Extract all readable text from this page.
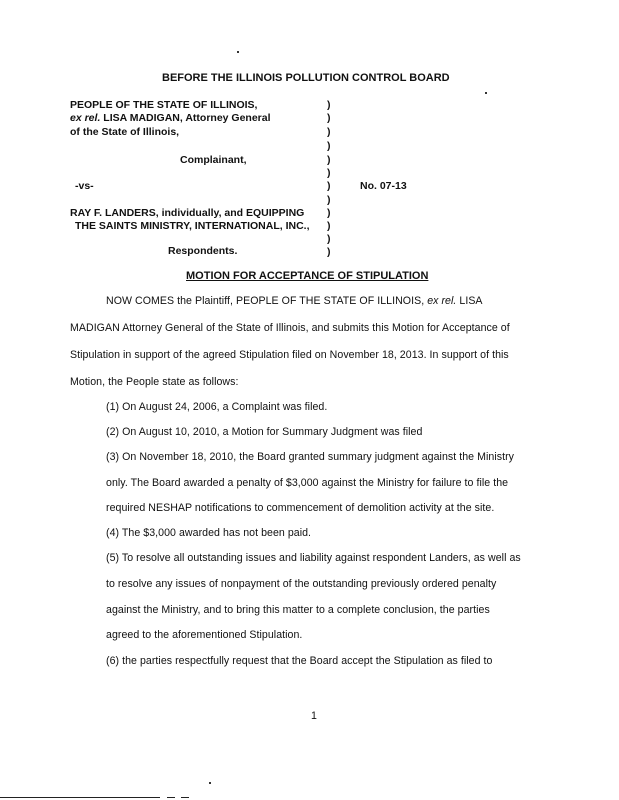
BEFORE THE ILLINOIS POLLUTION CONTROL BOARD
PEOPLE OF THE STATE OF ILLINOIS,
ex rel. LISA MADIGAN, Attorney General
of the State of Illinois,
Complainant,
-vs-	No. 07-13
RAY F. LANDERS, individually, and EQUIPPING
THE SAINTS MINISTRY, INTERNATIONAL, INC.,
Respondents.
)
)
)
)
)
)
)
)
)
)
)
)
MOTION FOR ACCEPTANCE OF STIPULATION
NOW COMES the Plaintiff, PEOPLE OF THE STATE OF ILLINOIS, ex rel. LISA
MADIGAN Attorney General of the State of Illinois, and submits this Motion for Acceptance of
Stipulation in support of the agreed Stipulation filed on November 18, 2013. In support of this
Motion, the People state as follows:
(1) On August 24, 2006, a Complaint was filed.
(2) On August 10, 2010, a Motion for Summary Judgment was filed
(3) On November 18, 2010, the Board granted summary judgment against the Ministry
only. The Board awarded a penalty of $3,000 against the Ministry for failure to file the
required NESHAP notifications to commencement of demolition activity at the site.
(4) The $3,000 awarded has not been paid.
(5) To resolve all outstanding issues and liability against respondent Landers, as well as
to resolve any issues of nonpayment of the outstanding previously ordered penalty
against the Ministry, and to bring this matter to a complete conclusion, the parties
agreed to the aforementioned Stipulation.
(6) the parties respectfully request that the Board accept the Stipulation as filed to
1
